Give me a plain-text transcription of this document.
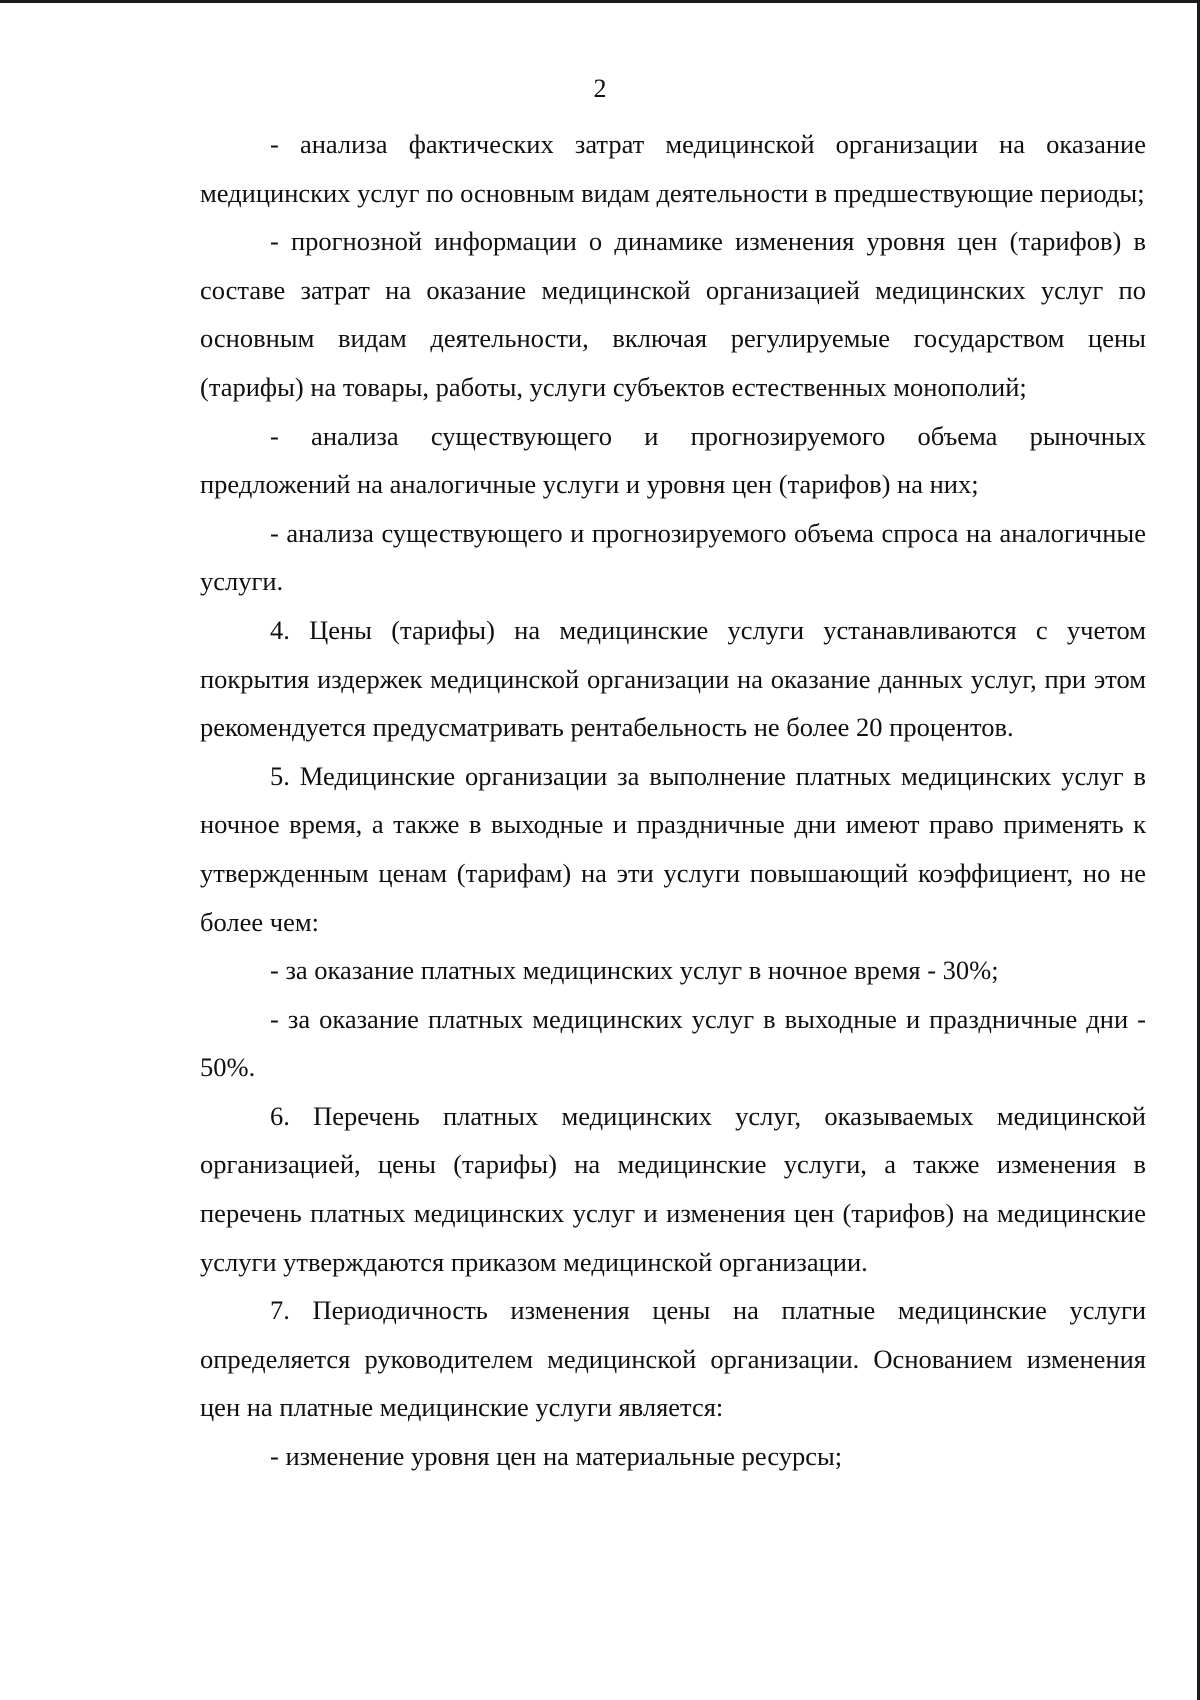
2

- анализа фактических затрат медицинской организации на оказание медицинских услуг по основным видам деятельности в предшествующие периоды;

- прогнозной информации о динамике изменения уровня цен (тарифов) в составе затрат на оказание медицинской организацией медицинских услуг по основным видам деятельности, включая регулируемые государством цены (тарифы) на товары, работы, услуги субъектов естественных монополий;

- анализа существующего и прогнозируемого объема рыночных предложений на аналогичные услуги и уровня цен (тарифов) на них;

- анализа существующего и прогнозируемого объема спроса на аналогичные услуги.

4. Цены (тарифы) на медицинские услуги устанавливаются с учетом покрытия издержек медицинской организации на оказание данных услуг, при этом рекомендуется предусматривать рентабельность не более 20 процентов.

5. Медицинские организации за выполнение платных медицинских услуг в ночное время, а также в выходные и праздничные дни имеют право применять к утвержденным ценам (тарифам) на эти услуги повышающий коэффициент, но не более чем:

- за оказание платных медицинских услуг в ночное время - 30%;

- за оказание платных медицинских услуг в выходные и праздничные дни - 50%.

6. Перечень платных медицинских услуг, оказываемых медицинской организацией, цены (тарифы) на медицинские услуги, а также изменения в перечень платных медицинских услуг и изменения цен (тарифов) на медицинские услуги утверждаются приказом медицинской организации.

7. Периодичность изменения цены на платные медицинские услуги определяется руководителем медицинской организации. Основанием изменения цен на платные медицинские услуги является:

- изменение уровня цен на материальные ресурсы;
